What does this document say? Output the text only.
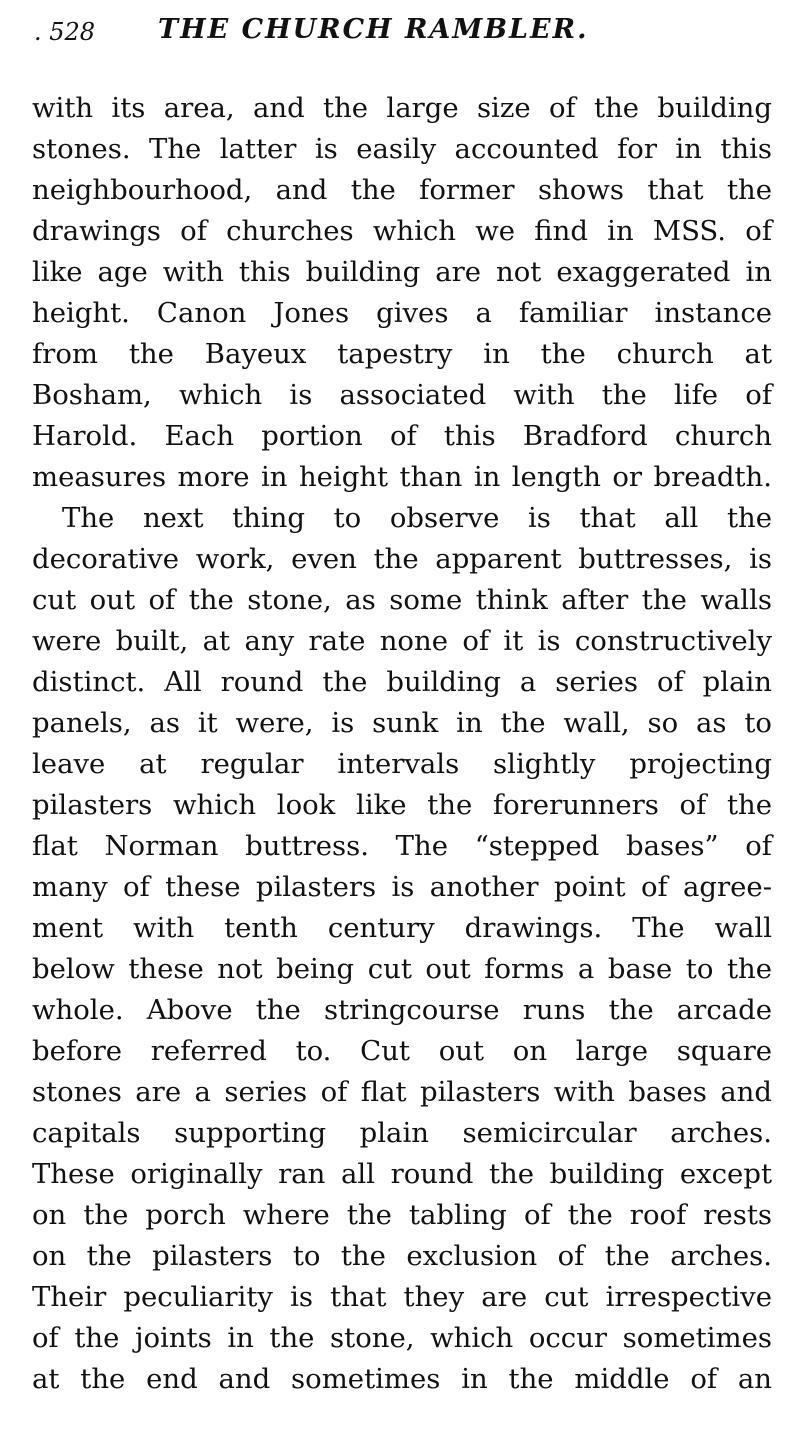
. 528 THE CHURCH RAMBLER.
with its area, and the large size of the building
stones. The latter is easily accounted for in this
neighbourhood, and the former shows that the
drawings of churches which we find in MSS. of
like age with this building are not exaggerated in
height. Canon Jones gives a familiar instance
from the Bayeux tapestry in the church at
Bosham, which is associated with the life of
Harold. Each portion of this Bradford church
measures more in height than in length or breadth.
The next thing to observe is that all the
decorative work, even the apparent buttresses, is
cut out of the stone, as some think after the walls
were built, at any rate none of it is constructively
distinct. All round the building a series of plain
panels, as it were, is sunk in the wall, so as to
leave at regular intervals slightly projecting
pilasters which look like the forerunners of the
flat Norman buttress. The “stepped bases” of
many of these pilasters is another point of agree-
ment with tenth century drawings. The wall
below these not being cut out forms a base to the
whole. Above the stringcourse runs the arcade
before referred to. Cut out on large square
stones are a series of flat pilasters with bases and
capitals supporting plain semicircular arches.
These originally ran all round the building except
on the porch where the tabling of the roof rests
on the pilasters to the exclusion of the arches.
Their peculiarity is that they are cut irrespective
of the joints in the stone, which occur sometimes
at the end and sometimes in the middle of an
